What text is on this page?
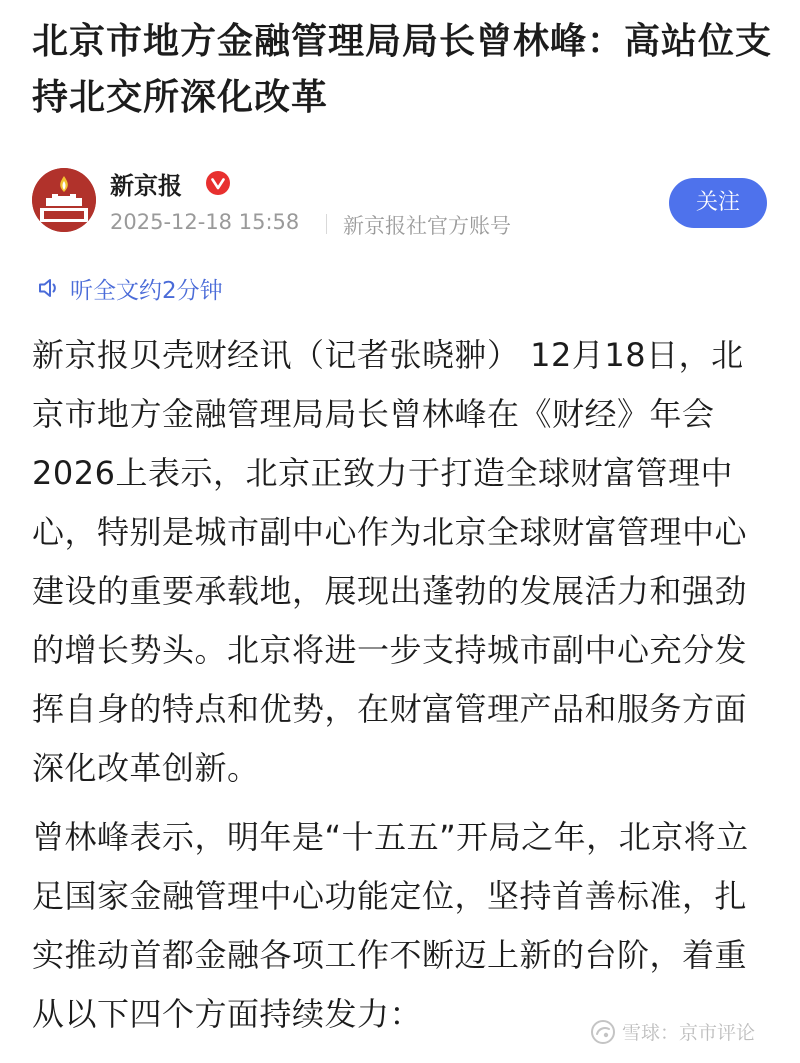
北京市地方金融管理局局长曾林峰：高站位支持北交所深化改革
新京报
2025-12-18 15:58 新京报社官方账号
关注
听全文约2分钟

新京报贝壳财经讯（记者张晓翀） 12月18日，北京市地方金融管理局局长曾林峰在《财经》年会2026上表示，北京正致力于打造全球财富管理中心，特别是城市副中心作为北京全球财富管理中心建设的重要承载地，展现出蓬勃的发展活力和强劲的增长势头。北京将进一步支持城市副中心充分发挥自身的特点和优势，在财富管理产品和服务方面深化改革创新。

曾林峰表示，明年是“十五五”开局之年，北京将立足国家金融管理中心功能定位，坚持首善标准，扎实推动首都金融各项工作不断迈上新的台阶，着重从以下四个方面持续发力：	雪球：京市评论
